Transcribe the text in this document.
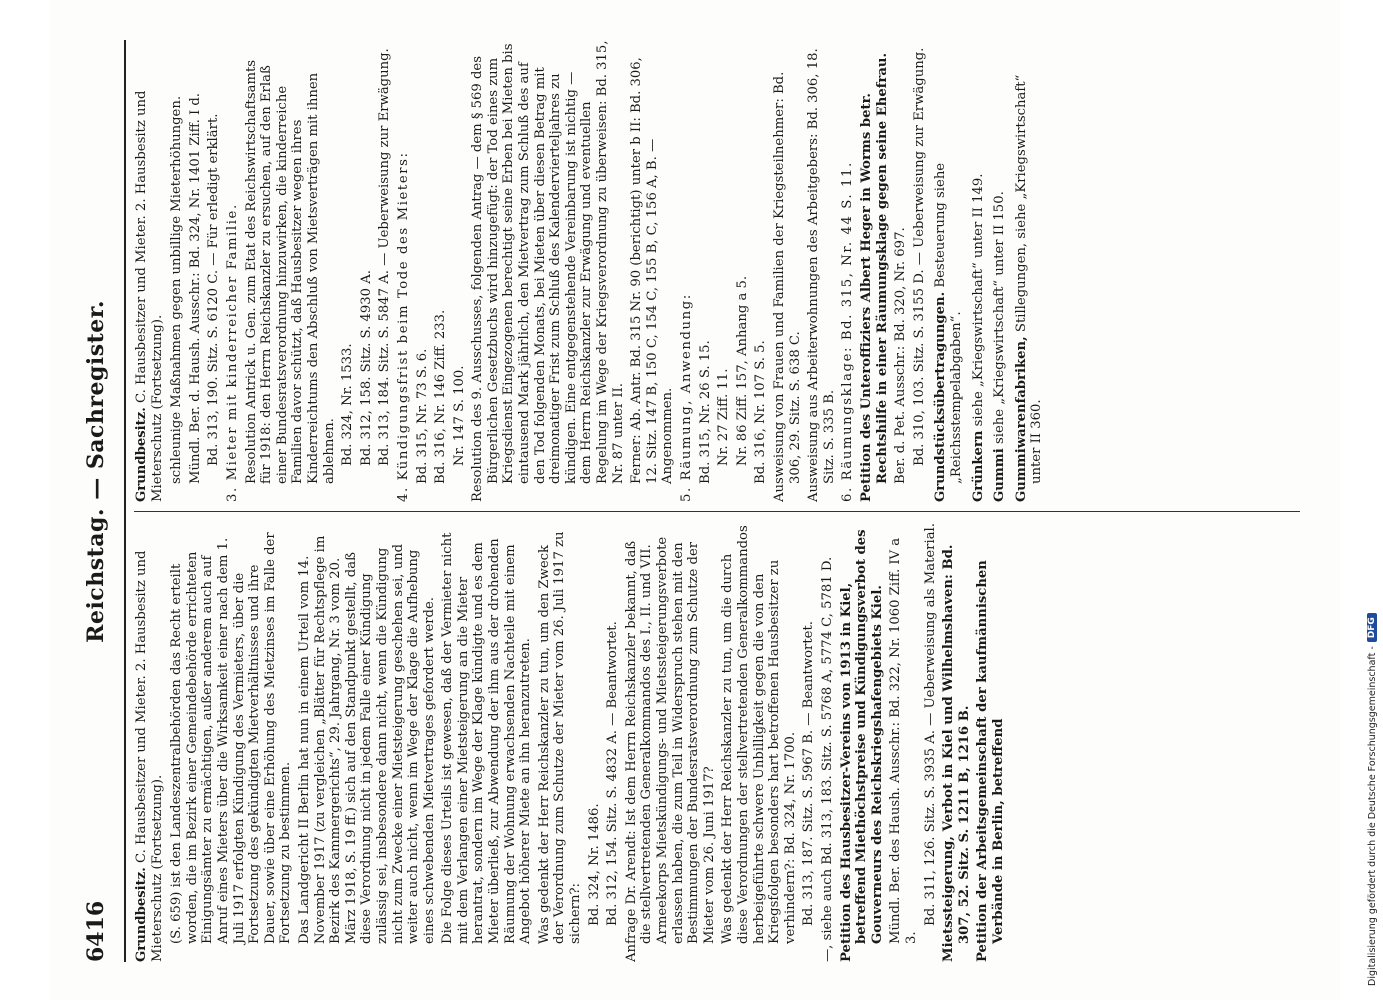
6416
Reichstag. — Sachregister.
Grundbesitz. C. Hausbesitzer und Mieter. 2. Hausbesitz und Mieterschutz (Fortsetzung). (S. 659) ist den Landeszentralbehörden das Recht erteilt worden, die im Bezirk einer Gemeindebehörde errichteten Einigungsämter zu ermächtigen, außer anderem auch auf Anruf eines Mieters über die Wirksamkeit einer nach dem 1. Juli 1917 erfolgten Kündigung des Vermieters, über die Fortsetzung des gekündigten Mietverhältnisses und ihre Dauer, sowie über eine Erhöhung des Mietzinses im Falle der Fortsetzung zu bestimmen. Das Landgericht II Berlin hat nun in einem Urteil vom 14. November 1917 (zu vergleichen „Blätter für Rechtspflege im Bezirk des Kammergerichts“, 29. Jahrgang, Nr. 3 vom 20. März 1918, S. 19 ff.) sich auf den Standpunkt gestellt, daß diese Verordnung nicht in jedem Falle einer Kündigung zulässig sei, insbesondere dann nicht, wenn die Kündigung nicht zum Zwecke einer Mietsteigerung geschehen sei, und weiter auch nicht, wenn im Wege der Klage die Aufhebung eines schwebenden Mietvertrages gefordert werde. Die Folge dieses Urteils ist gewesen, daß der Vermieter nicht mit dem Verlangen einer Mietsteigerung an die Mieter herantrat, sondern im Wege der Klage kündigte und es dem Mieter überließ, zur Abwendung der ihm aus der drohenden Räumung der Wohnung erwachsenden Nachteile mit einem Angebot höherer Miete an ihn heranzutreten. Was gedenkt der Herr Reichskanzler zu tun, um den Zweck der Verordnung zum Schutze der Mieter vom 26. Juli 1917 zu sichern?: Bd. 324, Nr. 1486. Bd. 312, 154. Sitz. S. 4832 A. — Beantwortet. Anfrage Dr. Arendt: Ist dem Herrn Reichskanzler bekannt, daß die stellvertretenden Generalkommandos des I., II. und VII. Armeekorps Mietskündigungs- und Mietssteigerungsverbote erlassen haben, die zum Teil in Widerspruch stehen mit den Bestimmungen der Bundesratsverordnung zum Schutze der Mieter vom 26. Juni 1917? Was gedenkt der Herr Reichskanzler zu tun, um die durch diese Verordnungen der stellvertretenden Generalkommandos herbeigeführte schwere Unbilligkeit gegen die von den Kriegsfolgen besonders hart betroffenen Hausbesitzer zu verhindern?: Bd. 324, Nr. 1700. Bd. 313, 187. Sitz. S. 5967 B. — Beantwortet. —, siehe auch Bd. 313, 183. Sitz. S. 5768 A, 5774 C, 5781 D. Petition des Hausbesitzer-Vereins von 1913 in Kiel, betreffend Miethöchstpreise und Kündigungsverbot des Gouverneurs des Reichskriegshafengebiets Kiel. Mündl. Ber. des Haush. Ausschr.: Bd. 322, Nr. 1060 Ziff. IV a 3.
Bd. 311, 126. Sitz. S. 3935 A. — Ueberweisung als Material. Mietssteigerung, Verbot in Kiel und Wilhelmshaven: Bd. 307, 52. Sitz. S. 1211 B, 1216 B. Petition der Arbeitsgemeinschaft der kaufmännischen Verbände in Berlin, betreffend
Grundbesitz. C. Hausbesitzer und Mieter. 2. Hausbesitz und Mieterschutz (Fortsetzung). schleunige Maßnahmen gegen unbillige Mieterhöhungen. Mündl. Ber. d. Haush. Ausschr.: Bd. 324, Nr. 1401 Ziff. I d. Bd. 313, 190. Sitz. S. 6120 C. — Für erledigt erklärt. 3. Mieter mit kinderreicher Familie. Resolution Antrick u. Gen. zum Etat des Reichswirtschaftsamts für 1918: den Herrn Reichskanzler zu ersuchen, auf den Erlaß einer Bundesratsverordnung hinzuwirken, die kinderreiche Familien davor schützt, daß Hausbesitzer wegen ihres Kinderreichtums den Abschluß von Mietsverträgen mit ihnen ablehnen. Bd. 324, Nr. 1533. Bd. 312, 158. Sitz. S. 4930 A. Bd. 313, 184. Sitz. S. 5847 A. — Ueberweisung zur Erwägung. 4. Kündigungsfrist beim Tode des Mieters: Bd. 315, Nr. 73 S. 6. Bd. 316, Nr. 146 Ziff. 233. Nr. 147 S. 100. Resolution des 9. Ausschusses, folgenden Antrag — dem § 569 des Bürgerlichen Gesetzbuchs wird hinzugefügt: der Tod eines zum Kriegsdienst Eingezogenen berechtigt seine Erben bei Mieten bis eintausend Mark jährlich, den Mietvertrag zum Schluß des auf den Tod folgenden Monats, bei Mieten über diesen Betrag mit dreimonatiger Frist zum Schluß des Kalendervierteljahres zu kündigen. Eine entgegenstehende Vereinbarung ist nichtig — dem Herrn Reichskanzler zur Erwägung und eventuellen Regelung im Wege der Kriegsverordnung zu überweisen: Bd. 315, Nr. 87 unter II. Ferner: Ab. Antr. Bd. 315 Nr. 90 (berichtigt) unter b II: Bd. 306, 12. Sitz. 147 B, 150 C, 154 C, 155 B, C, 156 A, B. — Angenommen. 5. Räumung, Anwendung: Bd. 315, Nr. 26 S. 15. Nr. 27 Ziff. 11. Nr. 86 Ziff. 157, Anhang a 5. Bd. 316, Nr. 107 S. 5. Ausweisung von Frauen und Familien der Kriegsteilnehmer: Bd. 306, 29. Sitz. S. 638 C. Ausweisung aus Arbeiterwohnungen des Arbeitgebers: Bd. 306, 18. Sitz. S. 335 B. 6. Räumungsklage: Bd. 315, Nr. 44 S. 11. Petition des Unteroffiziers Albert Heger in Worms betr. Rechtshilfe in einer Räumungsklage gegen seine Ehefrau. Ber. d. Pet. Ausschr.: Bd. 320, Nr. 697. Bd. 310, 103. Sitz. S. 3155 D. — Ueberweisung zur Erwägung. Grundstücksübertragungen. Besteuerung siehe „Reichsstempelabgaben“. Grünkern siehe „Kriegswirtschaft“ unter II 149.
Gummi siehe „Kriegswirtschaft“ unter II 150. Gummiwarenfabriken, Stillegungen, siehe „Kriegswirtschaft“ unter II 360.
Digitalisierung gefördert durch die Deutsche Forschungsgemeinschaft -
DFG
